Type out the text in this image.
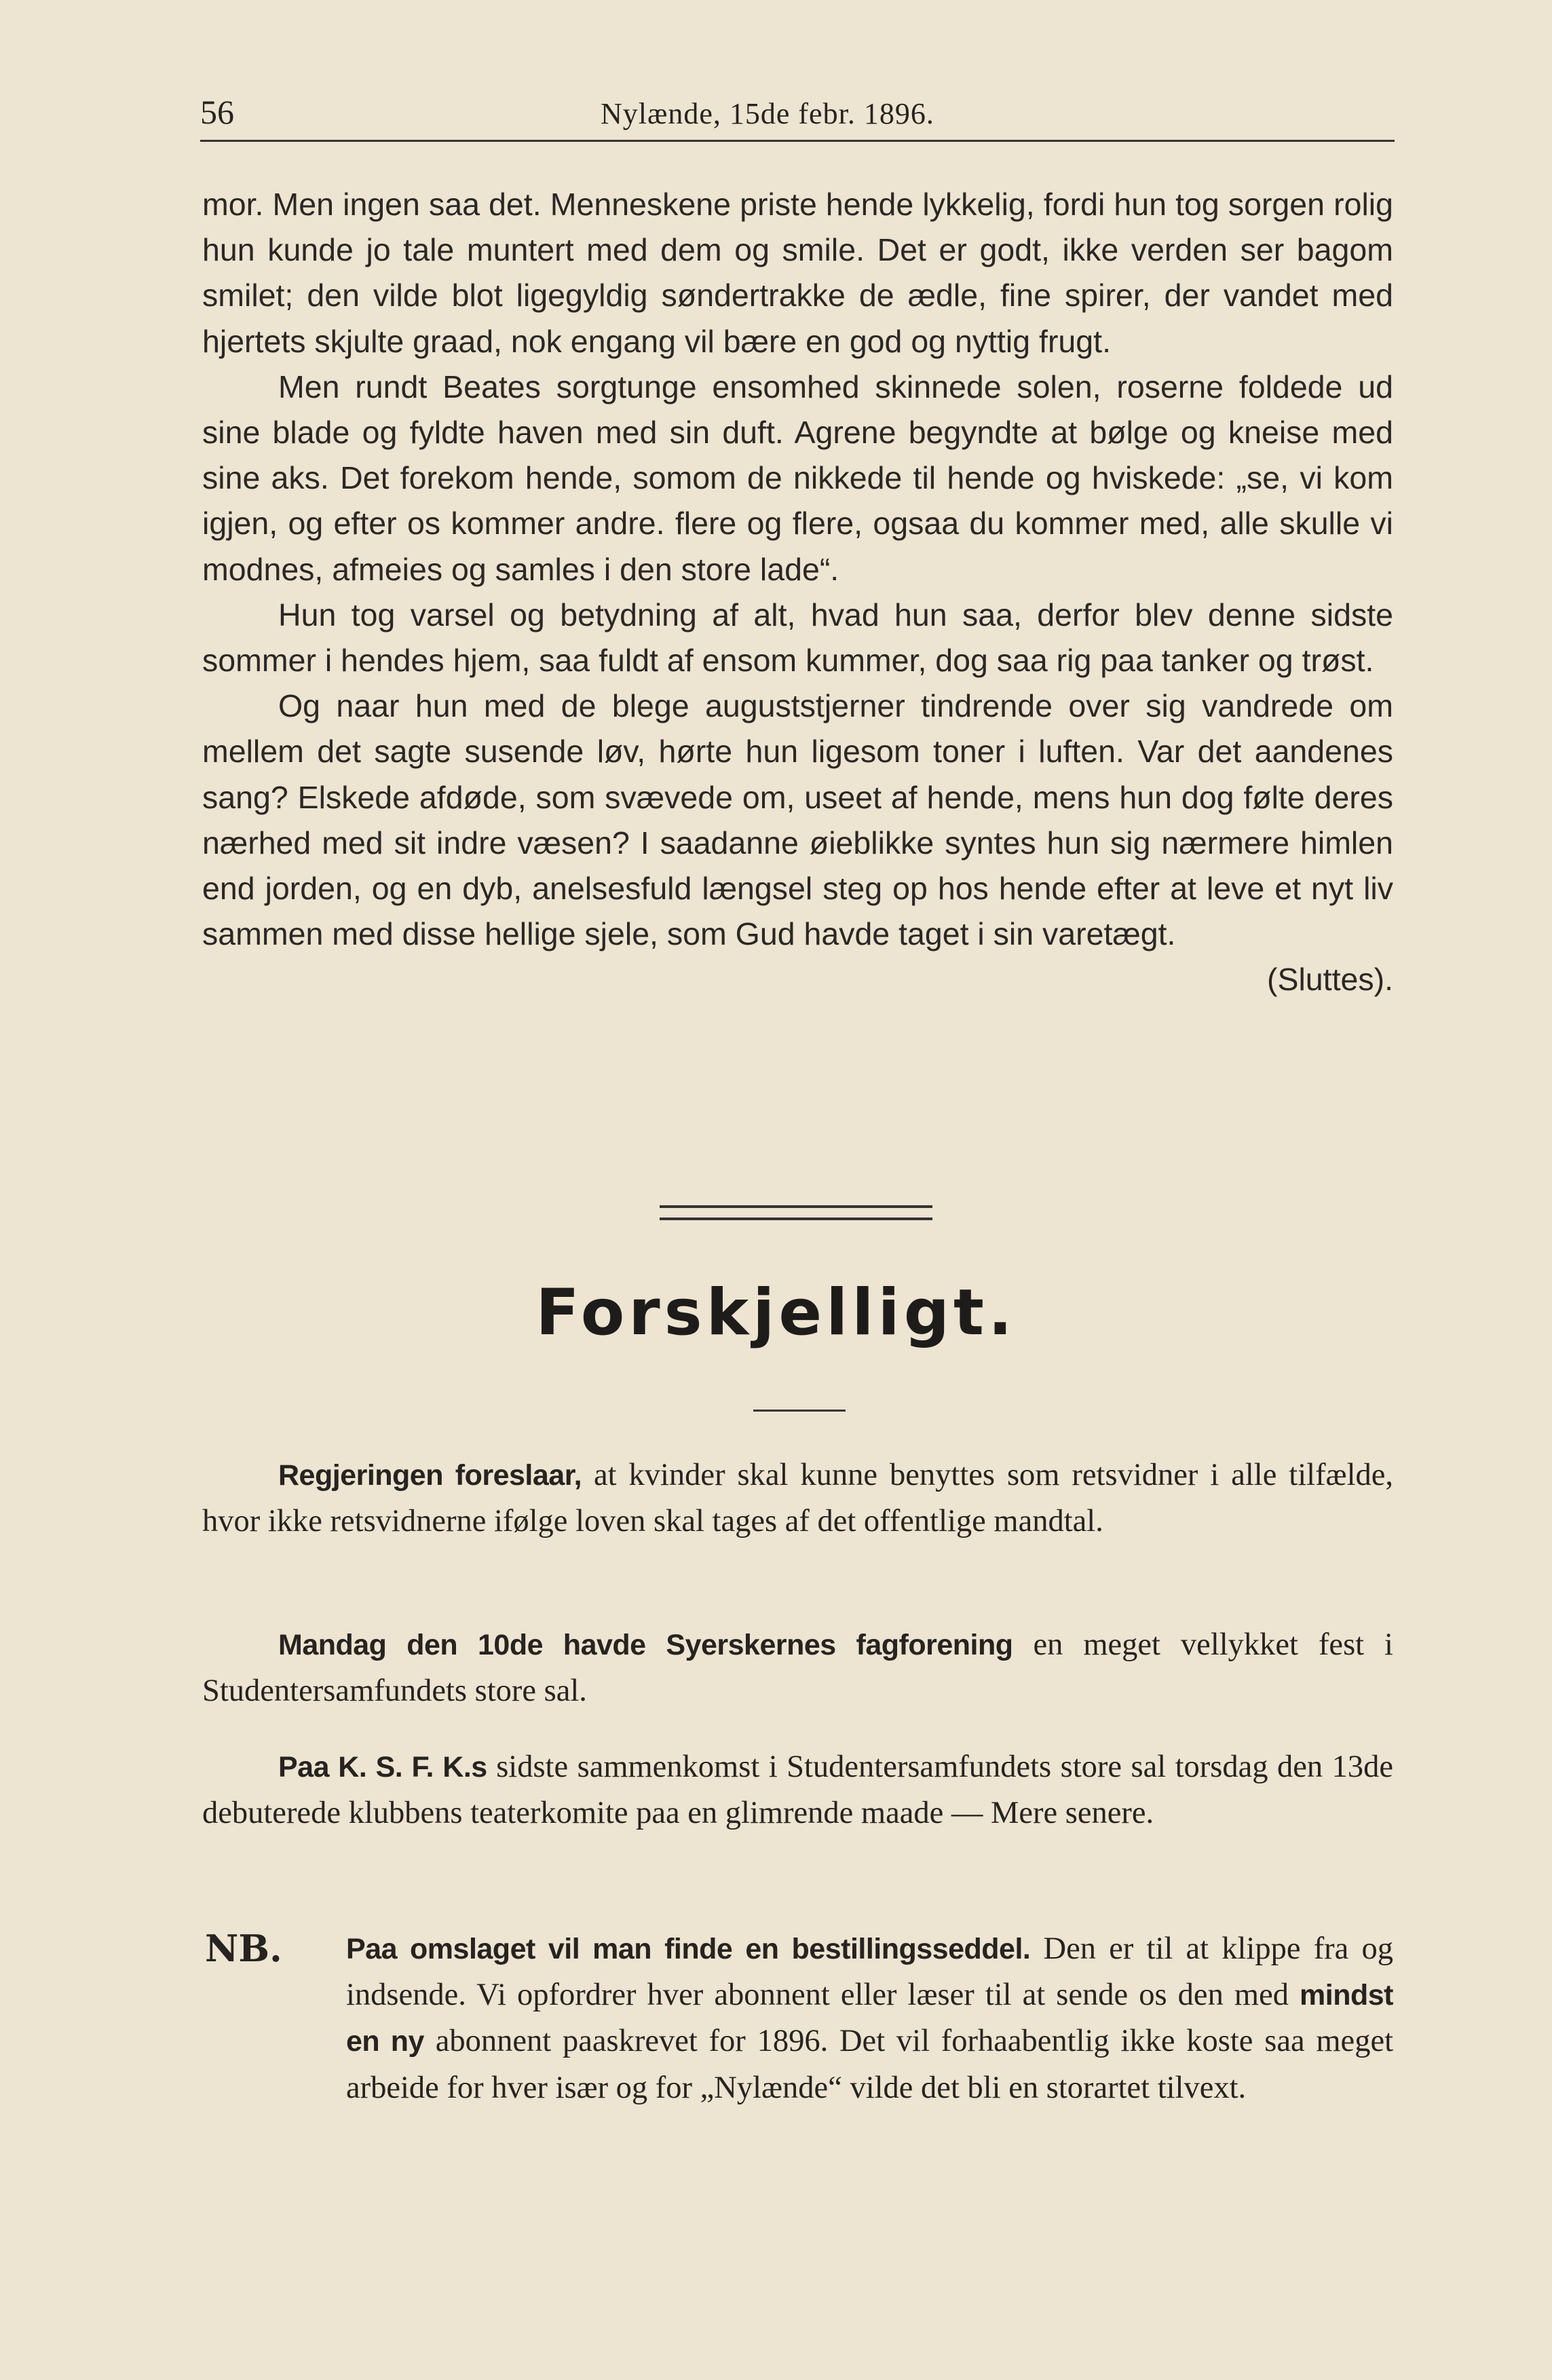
56	Nylænde, 15de febr. 1896.

mor. Men ingen saa det. Menneskene priste hende lykkelig, fordi hun tog sorgen rolig hun kunde jo tale muntert med dem og smile. Det er godt, ikke verden ser bagom smilet; den vilde blot ligegyldig søndertrakke de ædle, fine spirer, der vandet med hjertets skjulte graad, nok engang vil bære en god og nyttig frugt.

Men rundt Beates sorgtunge ensomhed skinnede solen, roserne foldede ud sine blade og fyldte haven med sin duft. Agrene begyndte at bølge og kneise med sine aks. Det forekom hende, somom de nikkede til hende og hviskede: „se, vi kom igjen, og efter os kommer andre. flere og flere, ogsaa du kommer med, alle skulle vi modnes, afmeies og samles i den store lade“.

Hun tog varsel og betydning af alt, hvad hun saa, derfor blev denne sidste sommer i hendes hjem, saa fuldt af ensom kummer, dog saa rig paa tanker og trøst.

Og naar hun med de blege auguststjerner tindrende over sig vandrede om mellem det sagte susende løv, hørte hun ligesom toner i luften. Var det aandenes sang? Elskede afdøde, som svævede om, useet af hende, mens hun dog følte deres nærhed med sit indre væsen? I saadanne øieblikke syntes hun sig nærmere himlen end jorden, og en dyb, anelsesfuld længsel steg op hos hende efter at leve et nyt liv sammen med disse hellige sjele, som Gud havde taget i sin varetægt.

(Sluttes).

Forskjelligt.

Regjeringen foreslaar, at kvinder skal kunne benyttes som retsvidner i alle tilfælde, hvor ikke retsvidnerne ifølge loven skal tages af det offentlige mandtal.

Mandag den 10de havde Syerskernes fagforening en meget vellykket fest i Studentersamfundets store sal.

Paa K. S. F. K.s sidste sammenkomst i Studentersamfundets store sal torsdag den 13de debuterede klubbens teaterkomite paa en glimrende maade — Mere senere.

NB. Paa omslaget vil man finde en bestillingsseddel. Den er til at klippe fra og indsende. Vi opfordrer hver abonnent eller læser til at sende os den med mindst en ny abonnent paaskrevet for 1896. Det vil forhaabentlig ikke koste saa meget arbeide for hver især og for „Nylænde“ vilde det bli en storartet tilvext.
